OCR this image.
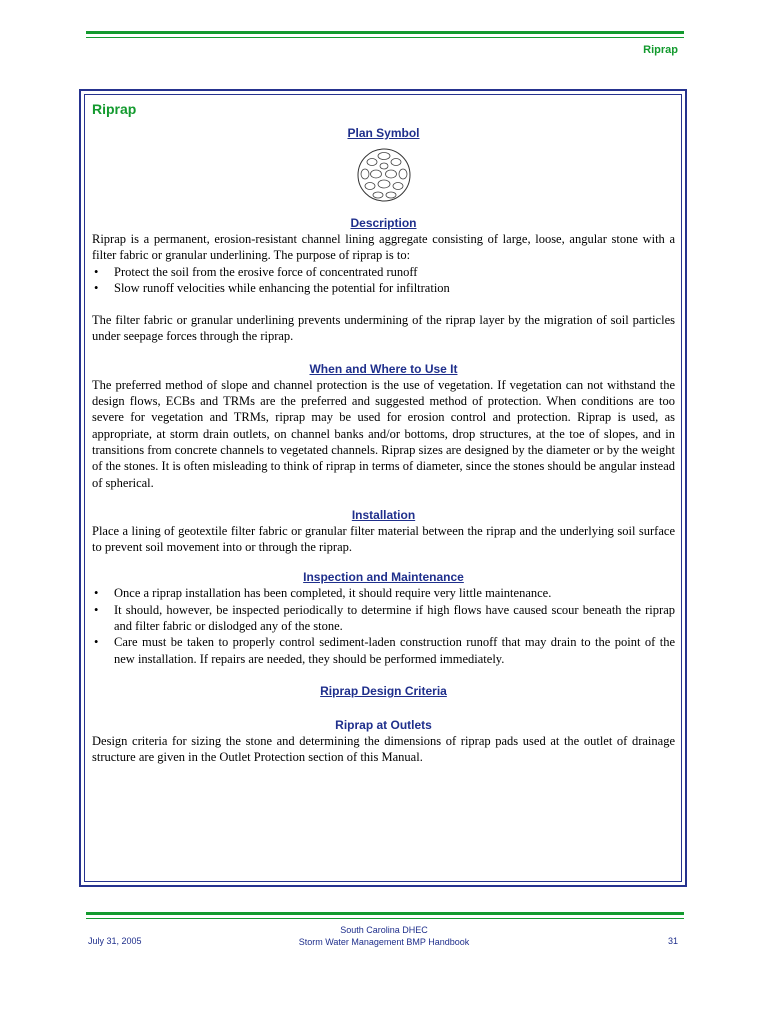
Riprap
Riprap
Plan Symbol
Description

Riprap is a permanent, erosion-resistant channel lining aggregate consisting of large, loose, angular stone with a filter fabric or granular underlining. The purpose of riprap is to:

• Protect the soil from the erosive force of concentrated runoff
• Slow runoff velocities while enhancing the potential for infiltration

The filter fabric or granular underlining prevents undermining of the riprap layer by the migration of soil particles under seepage forces through the riprap.

When and Where to Use It

The preferred method of slope and channel protection is the use of vegetation. If vegetation can not withstand the design flows, ECBs and TRMs are the preferred and suggested method of protection. When conditions are too severe for vegetation and TRMs, riprap may be used for erosion control and protection. Riprap is used, as appropriate, at storm drain outlets, on channel banks and/or bottoms, drop structures, at the toe of slopes, and in transitions from concrete channels to vegetated channels. Riprap sizes are designed by the diameter or by the weight of the stones. It is often misleading to think of riprap in terms of diameter, since the stones should be angular instead of spherical.

Installation

Place a lining of geotextile filter fabric or granular filter material between the riprap and the underlying soil surface to prevent soil movement into or through the riprap.

Inspection and Maintenance
• Once a riprap installation has been completed, it should require very little maintenance.
• It should, however, be inspected periodically to determine if high flows have caused scour beneath the riprap and filter fabric or dislodged any of the stone.
• Care must be taken to properly control sediment-laden construction runoff that may drain to the point of the new installation. If repairs are needed, they should be performed immediately.
Riprap Design Criteria
Riprap at Outlets

Design criteria for sizing the stone and determining the dimensions of riprap pads used at the outlet of drainage structure are given in the Outlet Protection section of this Manual.

South Carolina DHEC
Storm Water Management BMP Handbook
July 31, 2005	31
